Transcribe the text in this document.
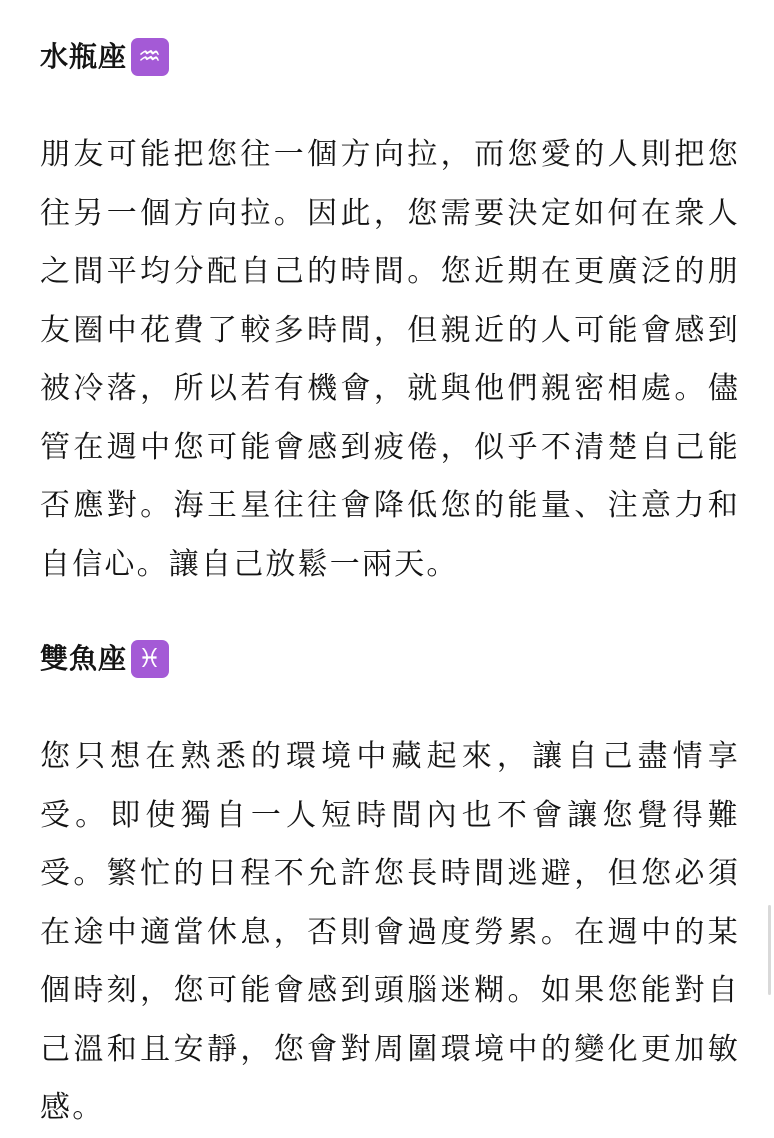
水瓶座 ♒

朋友可能把您往一個方向拉，而您愛的人則把您往另一個方向拉。因此，您需要決定如何在衆人之間平均分配自己的時間。您近期在更廣泛的朋友圈中花費了較多時間，但親近的人可能會感到被冷落，所以若有機會，就與他們親密相處。儘管在週中您可能會感到疲倦，似乎不清楚自己能否應對。海王星往往會降低您的能量、注意力和自信心。讓自己放鬆一兩天。

雙魚座 ♓

您只想在熟悉的環境中藏起來，讓自己盡情享受。即使獨自一人短時間內也不會讓您覺得難受。繁忙的日程不允許您長時間逃避，但您必須在途中適當休息，否則會過度勞累。在週中的某個時刻，您可能會感到頭腦迷糊。如果您能對自己溫和且安靜，您會對周圍環境中的變化更加敏感。
